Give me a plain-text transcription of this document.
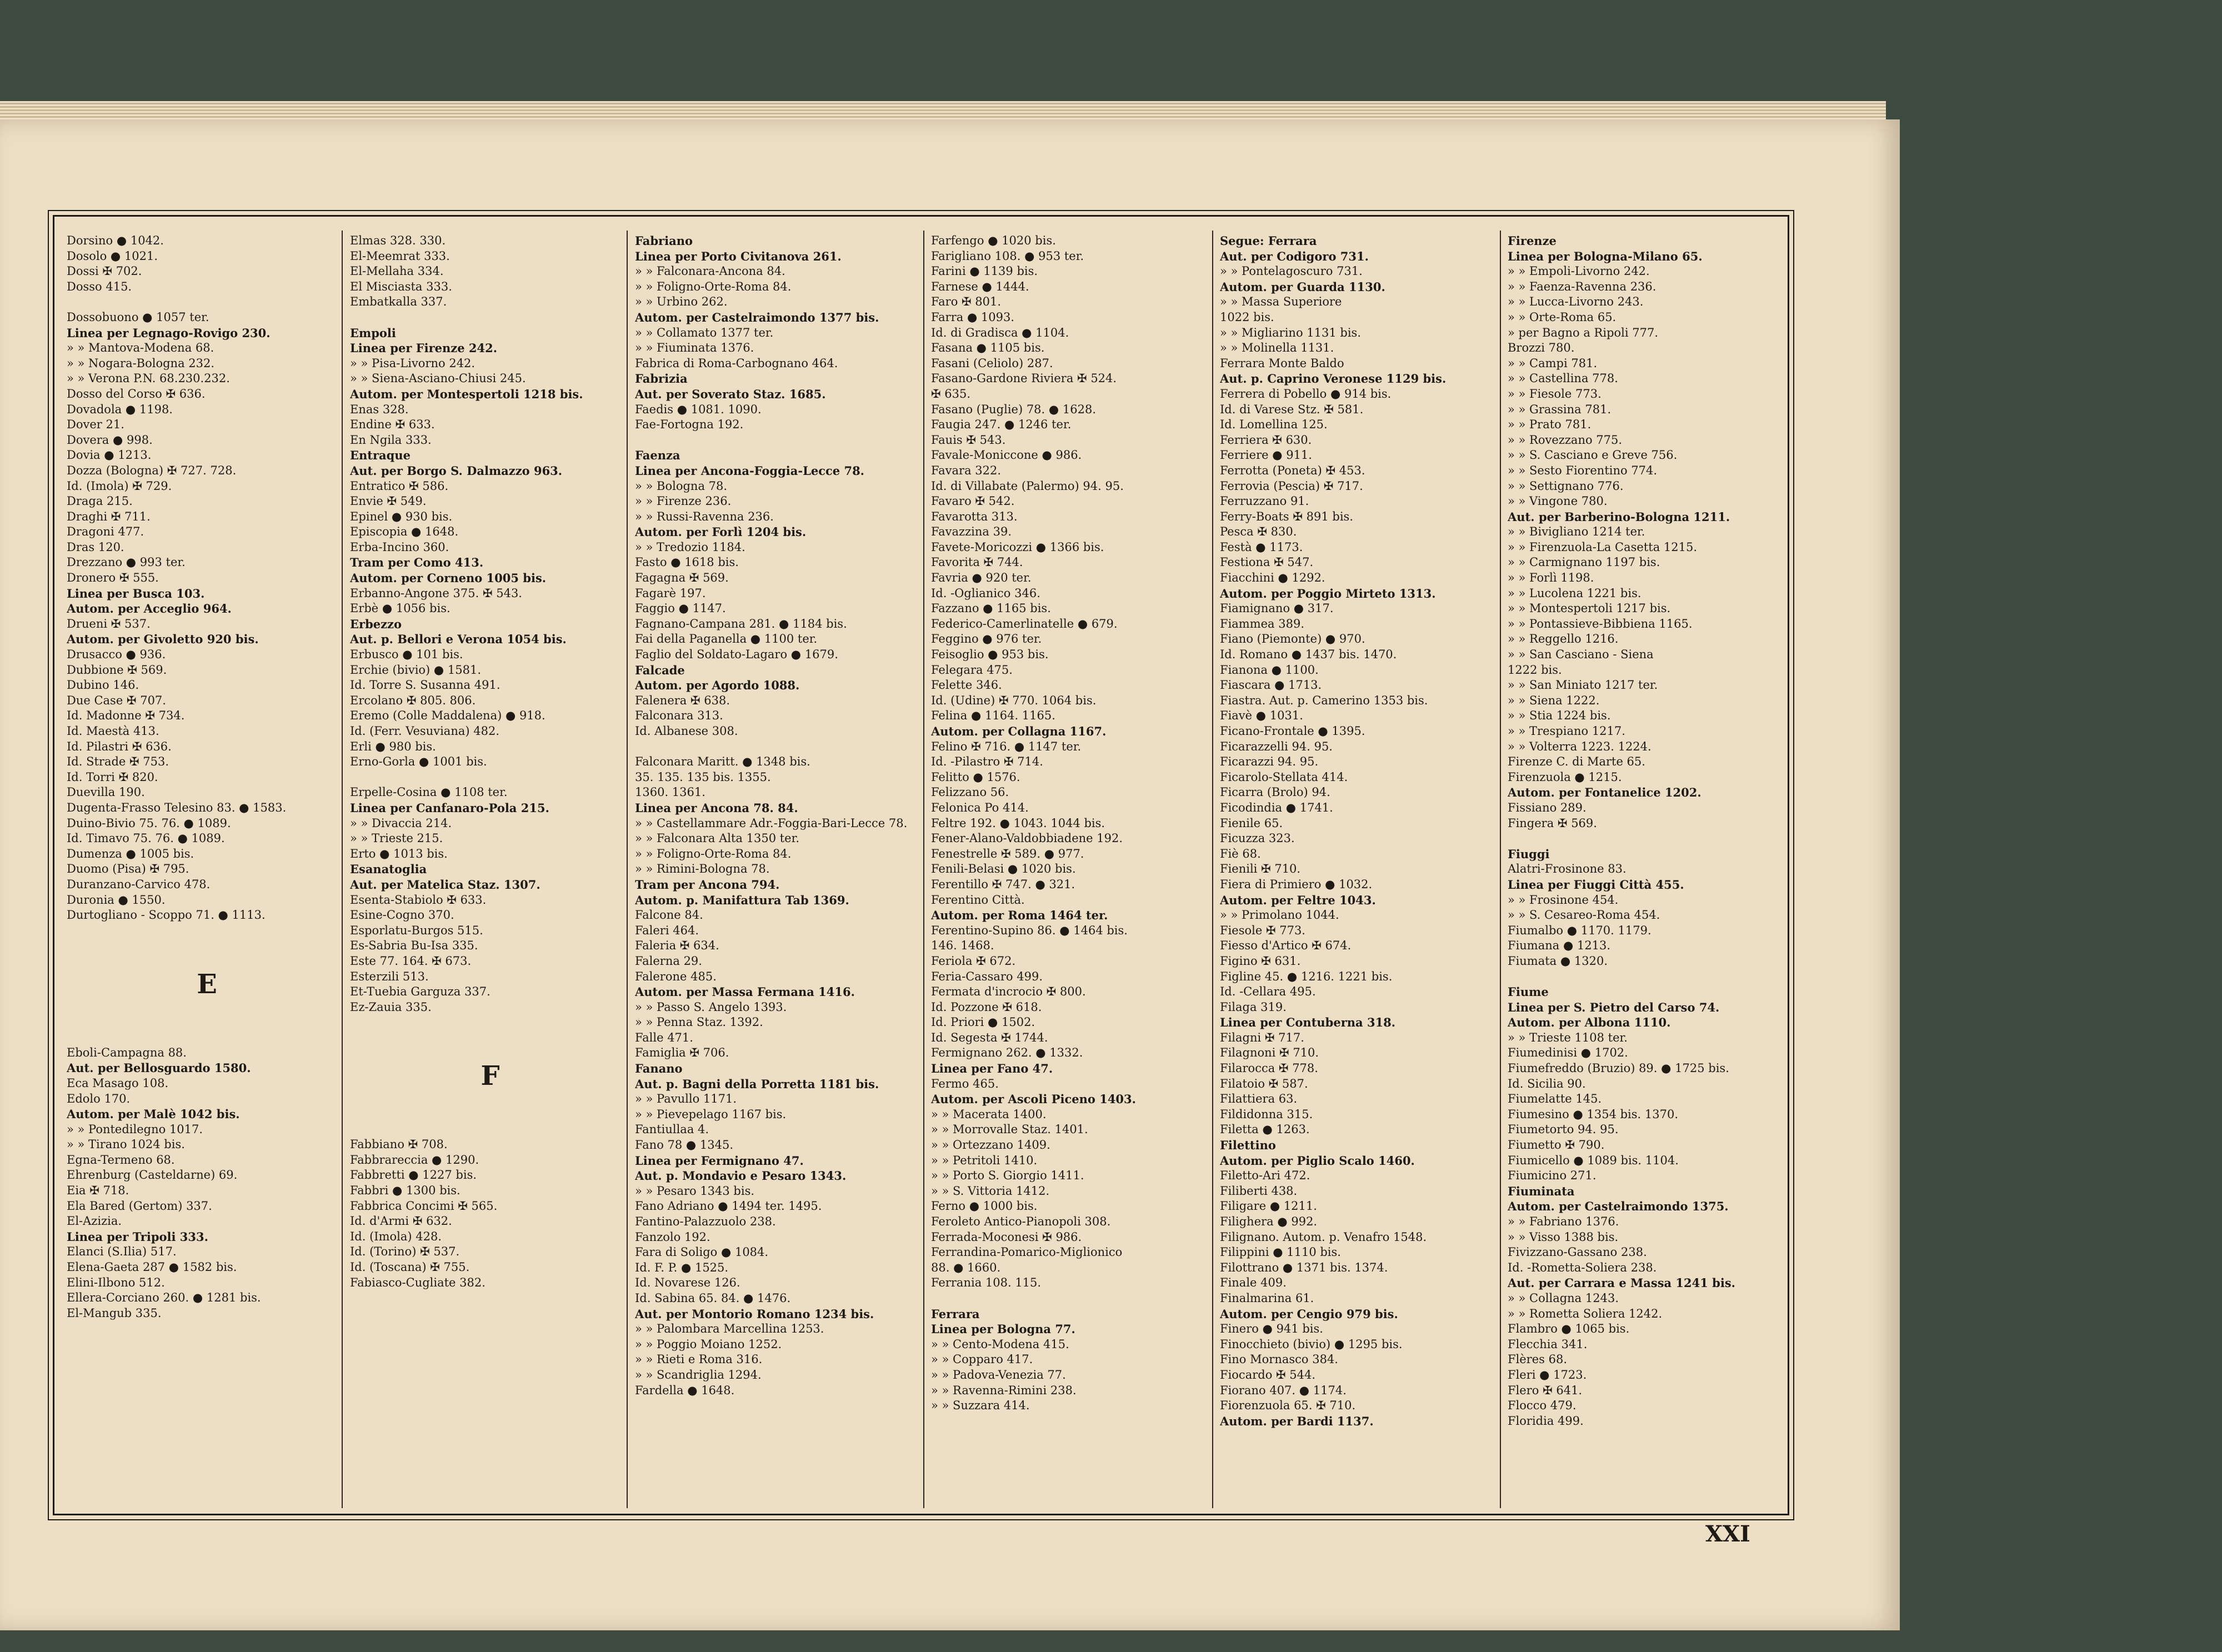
Dorsino ● 1042.
Dosolo ● 1021.
Dossi ✠ 702.
Dosso 415.

Dossobuono ● 1057 ter.
Linea per Legnago-Rovigo 230.
» » Mantova-Modena 68.
» » Nogara-Bologna 232.
» » Verona P.N. 68.230.232.
Dosso del Corso ✠ 636.
Dovadola ● 1198.
Dover 21.
Dovera ● 998.
Dovia ● 1213.
Dozza (Bologna) ✠ 727. 728.
Id. (Imola) ✠ 729.
Draga 215.
Draghi ✠ 711.
Dragoni 477.
Dras 120.
Drezzano ● 993 ter.
Dronero ✠ 555.
Linea per Busca 103.
Autom. per Acceglio 964.
Drueni ✠ 537.
Autom. per Givoletto 920 bis.
Drusacco ● 936.
Dubbione ✠ 569.
Dubino 146.
Due Case ✠ 707.
Id. Madonne ✠ 734.
Id. Maestà 413.
Id. Pilastri ✠ 636.
Id. Strade ✠ 753.
Id. Torri ✠ 820.
Duevilla 190.
Dugenta-Frasso Telesino 83. ● 1583.
Duino-Bivio 75. 76. ● 1089.
Id. Timavo 75. 76. ● 1089.
Dumenza ● 1005 bis.
Duomo (Pisa) ✠ 795.
Duranzano-Carvico 478.
Duronia ● 1550.
Durtogliano - Scoppo 71. ● 1113.
E
Eboli-Campagna 88.
Aut. per Bellosguardo 1580.
Eca Masago 108.
Edolo 170.
Autom. per Malè 1042 bis.
» » Pontedilegno 1017.
» » Tirano 1024 bis.
Egna-Termeno 68.
Ehrenburg (Casteldarne) 69.
Eia ✠ 718.
Ela Bared (Gertom) 337.
El-Azizia.
Linea per Tripoli 333.
Elanci (S.Ilia) 517.
Elena-Gaeta 287 ● 1582 bis.
Elini-Ilbono 512.
Ellera-Corciano 260. ● 1281 bis.
El-Mangub 335.
Elmas 328. 330.
El-Meemrat 333.
El-Mellaha 334.
El Misciasta 333.
Embatkalla 337.

Empoli
Linea per Firenze 242.
» » Pisa-Livorno 242.
» » Siena-Asciano-Chiusi 245.
Autom. per Montespertoli 1218 bis.
Enas 328.
Endine ✠ 633.
En Ngila 333.
Entraque
Aut. per Borgo S. Dalmazzo 963.
Entratico ✠ 586.
Envie ✠ 549.
Epinel ● 930 bis.
Episcopia ● 1648.
Erba-Incino 360.
Tram per Como 413.
Autom. per Corneno 1005 bis.
Erbanno-Angone 375. ✠ 543.
Erbè ● 1056 bis.
Erbezzo
Aut. p. Bellori e Verona 1054 bis.
Erbusco ● 101 bis.
Erchie (bivio) ● 1581.
Id. Torre S. Susanna 491.
Ercolano ✠ 805. 806.
Eremo (Colle Maddalena) ● 918.
Id. (Ferr. Vesuviana) 482.
Erli ● 980 bis.
Erno-Gorla ● 1001 bis.

Erpelle-Cosina ● 1108 ter.
Linea per Canfanaro-Pola 215.
» » Divaccia 214.
» » Trieste 215.
Erto ● 1013 bis.
Esanatoglia
Aut. per Matelica Staz. 1307.
Esenta-Stabiolo ✠ 633.
Esine-Cogno 370.
Esporlatu-Burgos 515.
Es-Sabria Bu-Isa 335.
Este 77. 164. ✠ 673.
Esterzili 513.
Et-Tuebia Garguza 337.
Ez-Zauia 335.
F
Fabbiano ✠ 708.
Fabbrareccia ● 1290.
Fabbretti ● 1227 bis.
Fabbri ● 1300 bis.
Fabbrica Concimi ✠ 565.
Id. d'Armi ✠ 632.
Id. (Imola) 428.
Id. (Torino) ✠ 537.
Id. (Toscana) ✠ 755.
Fabiasco-Cugliate 382.
Fabriano
Linea per Porto Civitanova 261.
» » Falconara-Ancona 84.
» » Foligno-Orte-Roma 84.
» » Urbino 262.
Autom. per Castelraimondo 1377 bis.
» » Collamato 1377 ter.
» » Fiuminata 1376.
Fabrica di Roma-Carbognano 464.
Fabrizia
Aut. per Soverato Staz. 1685.
Faedis ● 1081. 1090.
Fae-Fortogna 192.

Faenza
Linea per Ancona-Foggia-Lecce 78.
» » Bologna 78.
» » Firenze 236.
» » Russi-Ravenna 236.
Autom. per Forlì 1204 bis.
» » Tredozio 1184.
Fasto ● 1618 bis.
Fagagna ✠ 569.
Fagarè 197.
Faggio ● 1147.
Fagnano-Campana 281. ● 1184 bis.
Fai della Paganella ● 1100 ter.
Faglio del Soldato-Lagaro ● 1679.
Falcade
Autom. per Agordo 1088.
Falenera ✠ 638.
Falconara 313.
Id. Albanese 308.

Falconara Maritt. ● 1348 bis.
35. 135. 135 bis. 1355.
1360. 1361.
Linea per Ancona 78. 84.
» » Castellammare Adr.-Foggia-Bari-Lecce 78.
» » Falconara Alta 1350 ter.
» » Foligno-Orte-Roma 84.
» » Rimini-Bologna 78.
Tram per Ancona 794.
Autom. p. Manifattura Tab 1369.
Falcone 84.
Faleri 464.
Faleria ✠ 634.
Falerna 29.
Falerone 485.
Autom. per Massa Fermana 1416.
» » Passo S. Angelo 1393.
» » Penna Staz. 1392.
Falle 471.
Famiglia ✠ 706.
Fanano
Aut. p. Bagni della Porretta 1181 bis.
» » Pavullo 1171.
» » Pievepelago 1167 bis.
Fantiullaa 4.
Fano 78 ● 1345.
Linea per Fermignano 47.
Aut. p. Mondavio e Pesaro 1343.
» » Pesaro 1343 bis.
Fano Adriano ● 1494 ter. 1495.
Fantino-Palazzuolo 238.
Fanzolo 192.
Fara di Soligo ● 1084.
Id. F. P. ● 1525.
Id. Novarese 126.
Id. Sabina 65. 84. ● 1476.
Aut. per Montorio Romano 1234 bis.
» » Palombara Marcellina 1253.
» » Poggio Moiano 1252.
» » Rieti e Roma 316.
» » Scandriglia 1294.
Fardella ● 1648.
Farfengo ● 1020 bis.
Farigliano 108. ● 953 ter.
Farini ● 1139 bis.
Farnese ● 1444.
Faro ✠ 801.
Farra ● 1093.
Id. di Gradisca ● 1104.
Fasana ● 1105 bis.
Fasani (Celiolo) 287.
Fasano-Gardone Riviera ✠ 524.
✠ 635.
Fasano (Puglie) 78. ● 1628.
Faugia 247. ● 1246 ter.
Fauis ✠ 543.
Favale-Moniccone ● 986.
Favara 322.
Id. di Villabate (Palermo) 94. 95.
Favaro ✠ 542.
Favarotta 313.
Favazzina 39.
Favete-Moricozzi ● 1366 bis.
Favorita ✠ 744.
Favria ● 920 ter.
Id. -Oglianico 346.
Fazzano ● 1165 bis.
Federico-Camerlinatelle ● 679.
Feggino ● 976 ter.
Feisoglio ● 953 bis.
Felegara 475.
Felette 346.
Id. (Udine) ✠ 770. 1064 bis.
Felina ● 1164. 1165.
Autom. per Collagna 1167.
Felino ✠ 716. ● 1147 ter.
Id. -Pilastro ✠ 714.
Felitto ● 1576.
Felizzano 56.
Felonica Po 414.
Feltre 192. ● 1043. 1044 bis.
Fener-Alano-Valdobbiadene 192.
Fenestrelle ✠ 589. ● 977.
Fenili-Belasi ● 1020 bis.
Ferentillo ✠ 747. ● 321.
Ferentino Città.
Autom. per Roma 1464 ter.
Ferentino-Supino 86. ● 1464 bis.
146. 1468.
Feriola ✠ 672.
Feria-Cassaro 499.
Fermata d'incrocio ✠ 800.
Id. Pozzone ✠ 618.
Id. Priori ● 1502.
Id. Segesta ✠ 1744.
Fermignano 262. ● 1332.
Linea per Fano 47.
Fermo 465.
Autom. per Ascoli Piceno 1403.
» » Macerata 1400.
» » Morrovalle Staz. 1401.
» » Ortezzano 1409.
» » Petritoli 1410.
» » Porto S. Giorgio 1411.
» » S. Vittoria 1412.
Ferno ● 1000 bis.
Feroleto Antico-Pianopoli 308.
Ferrada-Moconesi ✠ 986.
Ferrandina-Pomarico-Miglionico
88. ● 1660.
Ferrania 108. 115.

Ferrara
Linea per Bologna 77.
» » Cento-Modena 415.
» » Copparo 417.
» » Padova-Venezia 77.
» » Ravenna-Rimini 238.
» » Suzzara 414.
Segue: Ferrara
Aut. per Codigoro 731.
» » Pontelagoscuro 731.
Autom. per Guarda 1130.
» » Massa Superiore
1022 bis.
» » Migliarino 1131 bis.
» » Molinella 1131.
Ferrara Monte Baldo
Aut. p. Caprino Veronese 1129 bis.
Ferrera di Pobello ● 914 bis.
Id. di Varese Stz. ✠ 581.
Id. Lomellina 125.
Ferriera ✠ 630.
Ferriere ● 911.
Ferrotta (Poneta) ✠ 453.
Ferrovia (Pescia) ✠ 717.
Ferruzzano 91.
Ferry-Boats ✠ 891 bis.
Pesca ✠ 830.
Festà ● 1173.
Festiona ✠ 547.
Fiacchini ● 1292.
Autom. per Poggio Mirteto 1313.
Fiamignano ● 317.
Fiammea 389.
Fiano (Piemonte) ● 970.
Id. Romano ● 1437 bis. 1470.
Fianona ● 1100.
Fiascara ● 1713.
Fiastra. Aut. p. Camerino 1353 bis.
Fiavè ● 1031.
Ficano-Frontale ● 1395.
Ficarazzelli 94. 95.
Ficarazzi 94. 95.
Ficarolo-Stellata 414.
Ficarra (Brolo) 94.
Ficodindia ● 1741.
Fienile 65.
Ficuzza 323.
Fiè 68.
Fienili ✠ 710.
Fiera di Primiero ● 1032.
Autom. per Feltre 1043.
» » Primolano 1044.
Fiesole ✠ 773.
Fiesso d'Artico ✠ 674.
Figino ✠ 631.
Figline 45. ● 1216. 1221 bis.
Id. -Cellara 495.
Filaga 319.
Linea per Contuberna 318.
Filagni ✠ 717.
Filagnoni ✠ 710.
Filarocca ✠ 778.
Filatoio ✠ 587.
Filattiera 63.
Fildidonna 315.
Filetta ● 1263.
Filettino
Autom. per Piglio Scalo 1460.
Filetto-Ari 472.
Filiberti 438.
Filigare ● 1211.
Filighera ● 992.
Filignano. Autom. p. Venafro 1548.
Filippini ● 1110 bis.
Filottrano ● 1371 bis. 1374.
Finale 409.
Finalmarina 61.
Autom. per Cengio 979 bis.
Finero ● 941 bis.
Finocchieto (bivio) ● 1295 bis.
Fino Mornasco 384.
Fiocardo ✠ 544.
Fiorano 407. ● 1174.
Fiorenzuola 65. ✠ 710.
Autom. per Bardi 1137.
Firenze
Linea per Bologna-Milano 65.
» » Empoli-Livorno 242.
» » Faenza-Ravenna 236.
» » Lucca-Livorno 243.
» » Orte-Roma 65.
» per Bagno a Ripoli 777.
Brozzi 780.
» » Campi 781.
» » Castellina 778.
» » Fiesole 773.
» » Grassina 781.
» » Prato 781.
» » Rovezzano 775.
» » S. Casciano e Greve 756.
» » Sesto Fiorentino 774.
» » Settignano 776.
» » Vingone 780.
Aut. per Barberino-Bologna 1211.
» » Bivigliano 1214 ter.
» » Firenzuola-La Casetta 1215.
» » Carmignano 1197 bis.
» » Forlì 1198.
» » Lucolena 1221 bis.
» » Montespertoli 1217 bis.
» » Pontassieve-Bibbiena 1165.
» » Reggello 1216.
» » San Casciano - Siena
1222 bis.
» » San Miniato 1217 ter.
» » Siena 1222.
» » Stia 1224 bis.
» » Trespiano 1217.
» » Volterra 1223. 1224.
Firenze C. di Marte 65.
Firenzuola ● 1215.
Autom. per Fontanelice 1202.
Fissiano 289.
Fingera ✠ 569.

Fiuggi
Alatri-Frosinone 83.
Linea per Fiuggi Città 455.
» » Frosinone 454.
» » S. Cesareo-Roma 454.
Fiumalbo ● 1170. 1179.
Fiumana ● 1213.
Fiumata ● 1320.

Fiume
Linea per S. Pietro del Carso 74.
Autom. per Albona 1110.
» » Trieste 1108 ter.
Fiumedinisi ● 1702.
Fiumefreddo (Bruzio) 89. ● 1725 bis.
Id. Sicilia 90.
Fiumelatte 145.
Fiumesino ● 1354 bis. 1370.
Fiumetorto 94. 95.
Fiumetto ✠ 790.
Fiumicello ● 1089 bis. 1104.
Fiumicino 271.
Fiuminata
Autom. per Castelraimondo 1375.
» » Fabriano 1376.
» » Visso 1388 bis.
Fivizzano-Gassano 238.
Id. -Rometta-Soliera 238.
Aut. per Carrara e Massa 1241 bis.
» » Collagna 1243.
» » Rometta Soliera 1242.
Flambro ● 1065 bis.
Flecchia 341.
Flères 68.
Fleri ● 1723.
Flero ✠ 641.
Flocco 479.
Floridia 499.
XXI
